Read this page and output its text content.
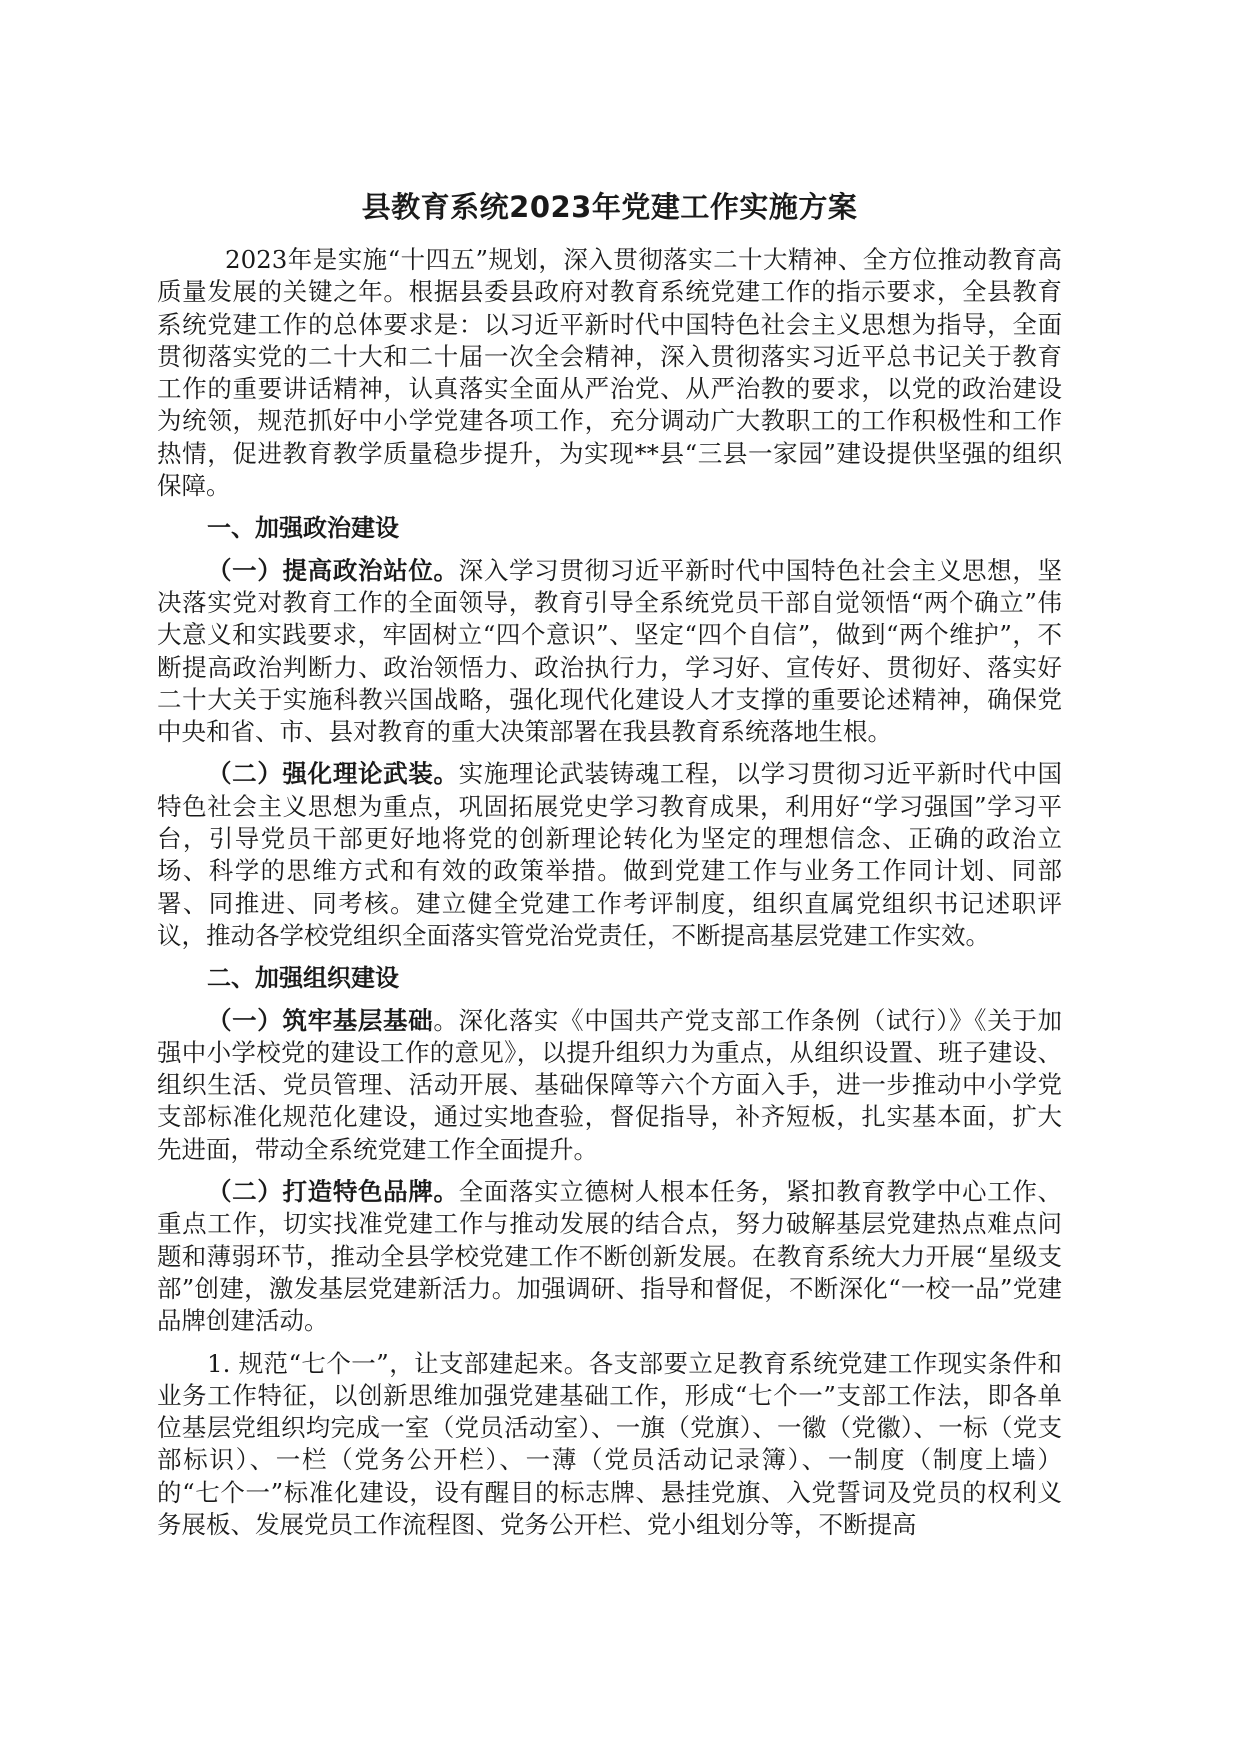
县教育系统2023年党建工作实施方案

2023年是实施“十四五”规划，深入贯彻落实二十大精神、全方位推动教育高质量发展的关键之年。根据县委县政府对教育系统党建工作的指示要求，全县教育系统党建工作的总体要求是：以习近平新时代中国特色社会主义思想为指导，全面贯彻落实党的二十大和二十届一次全会精神，深入贯彻落实习近平总书记关于教育工作的重要讲话精神，认真落实全面从严治党、从严治教的要求，以党的政治建设为统领，规范抓好中小学党建各项工作，充分调动广大教职工的工作积极性和工作热情，促进教育教学质量稳步提升，为实现**县“三县一家园”建设提供坚强的组织保障。

一、加强政治建设

（一）提高政治站位。深入学习贯彻习近平新时代中国特色社会主义思想，坚决落实党对教育工作的全面领导，教育引导全系统党员干部自觉领悟“两个确立”伟大意义和实践要求，牢固树立“四个意识”、坚定“四个自信”，做到“两个维护”，不断提高政治判断力、政治领悟力、政治执行力，学习好、宣传好、贯彻好、落实好二十大关于实施科教兴国战略，强化现代化建设人才支撑的重要论述精神，确保党中央和省、市、县对教育的重大决策部署在我县教育系统落地生根。

（二）强化理论武装。实施理论武装铸魂工程，以学习贯彻习近平新时代中国特色社会主义思想为重点，巩固拓展党史学习教育成果，利用好“学习强国”学习平台，引导党员干部更好地将党的创新理论转化为坚定的理想信念、正确的政治立场、科学的思维方式和有效的政策举措。做到党建工作与业务工作同计划、同部署、同推进、同考核。建立健全党建工作考评制度，组织直属党组织书记述职评议，推动各学校党组织全面落实管党治党责任，不断提高基层党建工作实效。

二、加强组织建设

（一）筑牢基层基础。深化落实《中国共产党支部工作条例（试行）》《关于加强中小学校党的建设工作的意见》，以提升组织力为重点，从组织设置、班子建设、组织生活、党员管理、活动开展、基础保障等六个方面入手，进一步推动中小学党支部标准化规范化建设，通过实地查验，督促指导，补齐短板，扎实基本面，扩大先进面，带动全系统党建工作全面提升。

（二）打造特色品牌。全面落实立德树人根本任务，紧扣教育教学中心工作、重点工作，切实找准党建工作与推动发展的结合点，努力破解基层党建热点难点问题和薄弱环节，推动全县学校党建工作不断创新发展。在教育系统大力开展“星级支部”创建，激发基层党建新活力。加强调研、指导和督促，不断深化“一校一品”党建品牌创建活动。

1. 规范“七个一”，让支部建起来。各支部要立足教育系统党建工作现实条件和业务工作特征，以创新思维加强党建基础工作，形成“七个一”支部工作法，即各单位基层党组织均完成一室（党员活动室）、一旗（党旗）、一徽（党徽）、一标（党支部标识）、一栏（党务公开栏）、一薄（党员活动记录簿）、一制度（制度上墙）的“七个一”标准化建设，设有醒目的标志牌、悬挂党旗、入党誓词及党员的权利义务展板、发展党员工作流程图、党务公开栏、党小组划分等，不断提高
